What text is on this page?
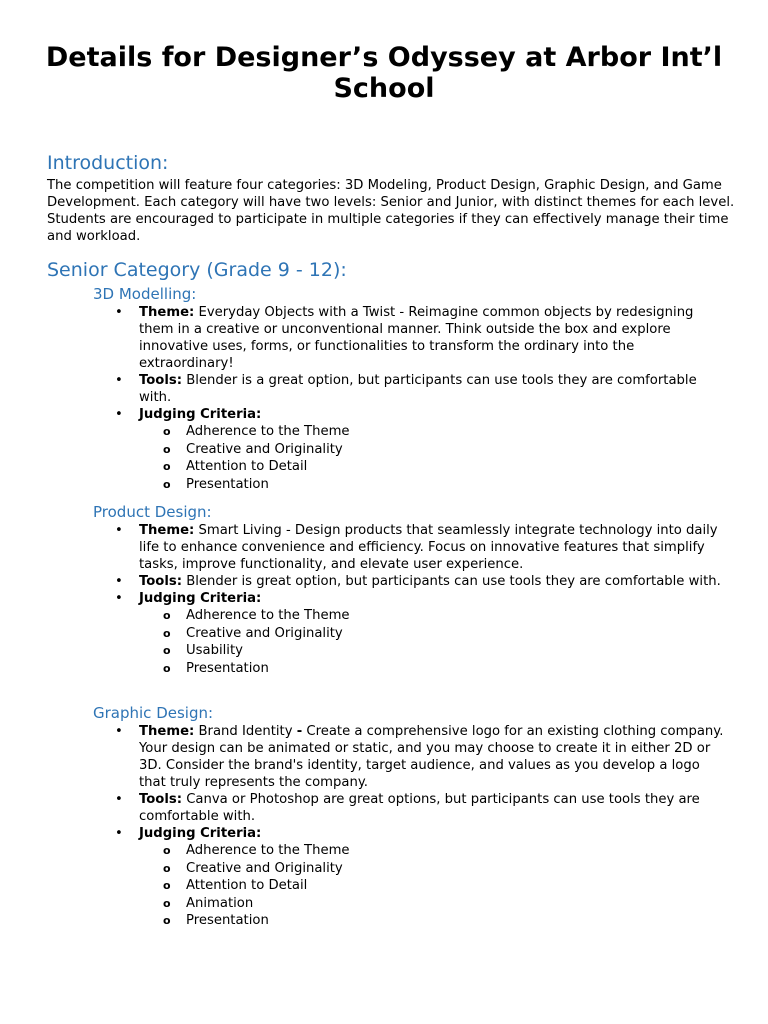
Details for Designer’s Odyssey at Arbor Int’l School
Introduction:
The competition will feature four categories: 3D Modeling, Product Design, Graphic Design, and Game Development. Each category will have two levels: Senior and Junior, with distinct themes for each level. Students are encouraged to participate in multiple categories if they can effectively manage their time and workload.
Senior Category (Grade 9 - 12):
3D Modelling:
• Theme: Everyday Objects with a Twist - Reimagine common objects by redesigning them in a creative or unconventional manner. Think outside the box and explore innovative uses, forms, or functionalities to transform the ordinary into the extraordinary!
• Tools: Blender is a great option, but participants can use tools they are comfortable with.
• Judging Criteria:
o Adherence to the Theme
o Creative and Originality
o Attention to Detail
o Presentation
Product Design:
• Theme: Smart Living - Design products that seamlessly integrate technology into daily life to enhance convenience and efficiency. Focus on innovative features that simplify tasks, improve functionality, and elevate user experience.
• Tools: Blender is great option, but participants can use tools they are comfortable with.
• Judging Criteria:
o Adherence to the Theme
o Creative and Originality
o Usability
o Presentation
Graphic Design:
• Theme: Brand Identity - Create a comprehensive logo for an existing clothing company. Your design can be animated or static, and you may choose to create it in either 2D or 3D. Consider the brand's identity, target audience, and values as you develop a logo that truly represents the company.
• Tools: Canva or Photoshop are great options, but participants can use tools they are comfortable with.
• Judging Criteria:
o Adherence to the Theme
o Creative and Originality
o Attention to Detail
o Animation
o Presentation
